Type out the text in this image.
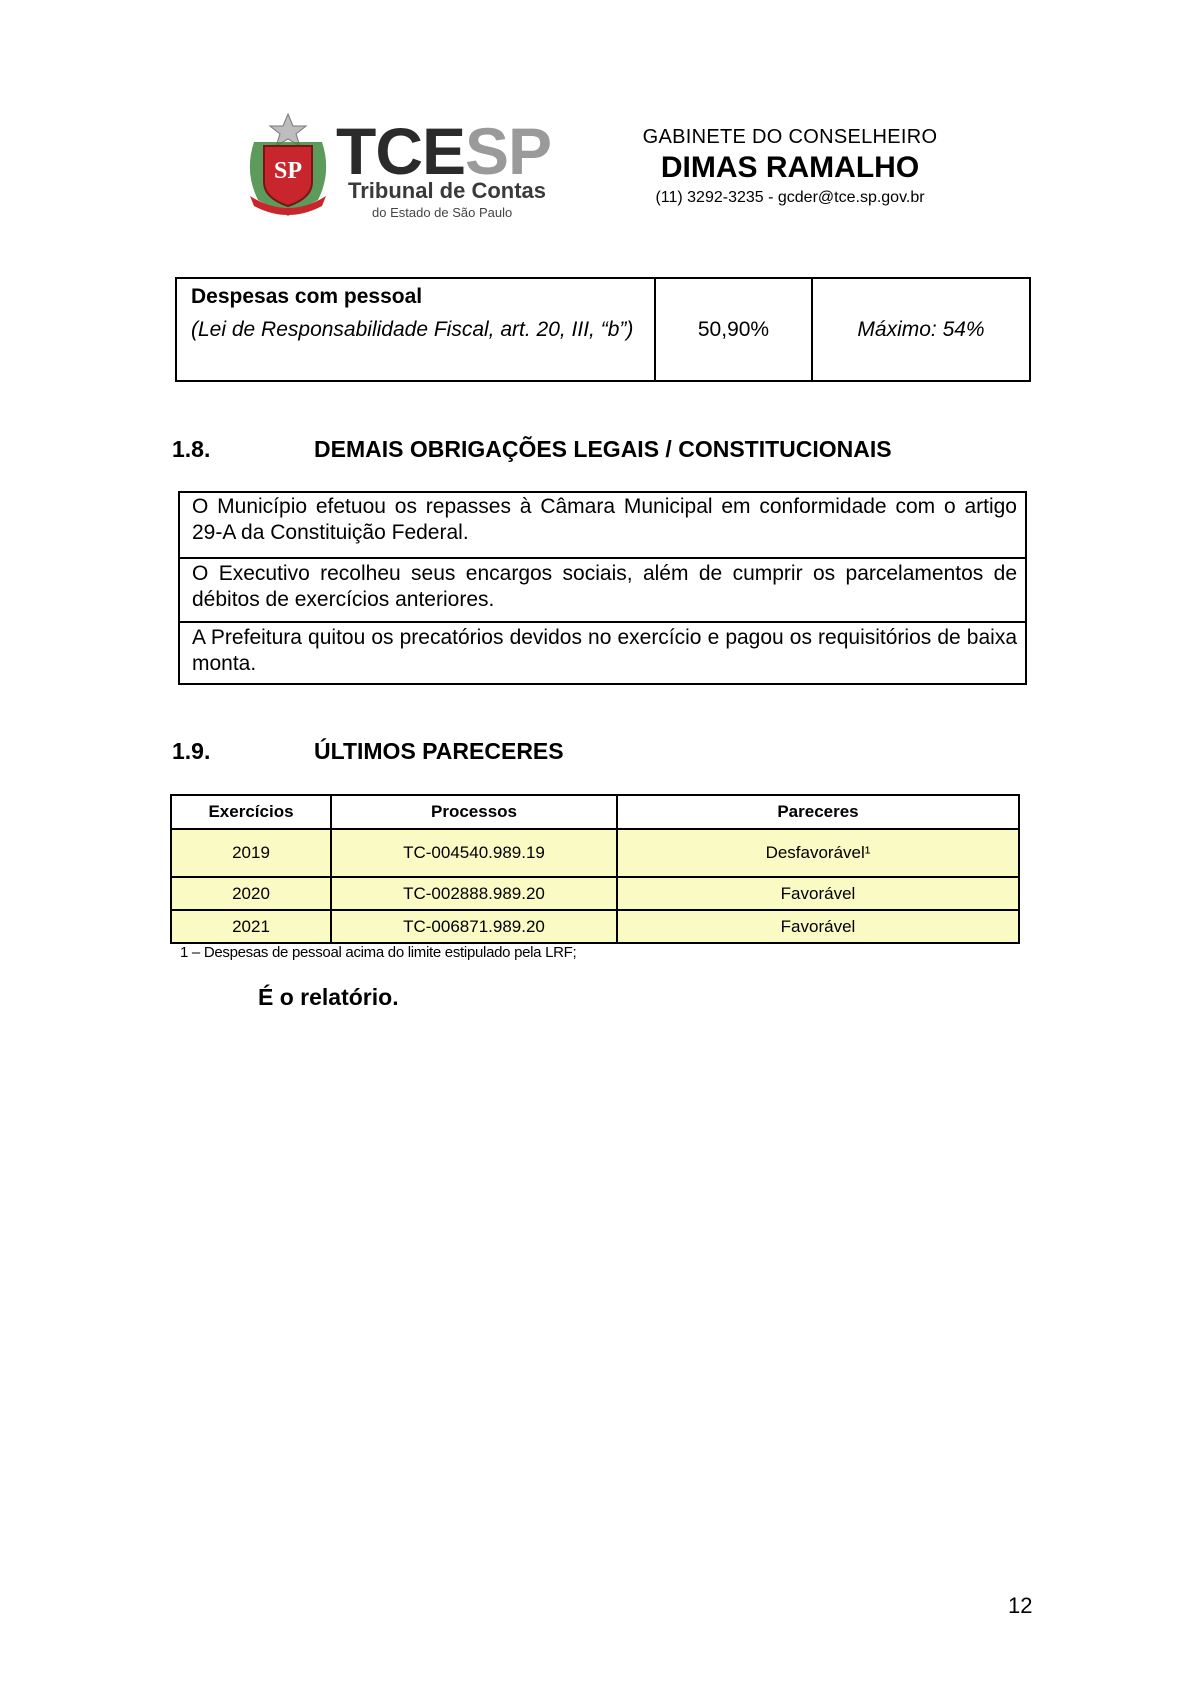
SP TCESP
Tribunal de Contas
do Estado de São Paulo
GABINETE DO CONSELHEIRO
DIMAS RAMALHO
(11) 3292-3235 - gcder@tce.sp.gov.br
Despesas com pessoal
(Lei de Responsabilidade Fiscal, art. 20, III, “b”)	50,90%	Máximo: 54%
1.8.	DEMAIS OBRIGAÇÕES LEGAIS / CONSTITUCIONAIS
O Município efetuou os repasses à Câmara Municipal em conformidade com o artigo 29-A da Constituição Federal.
O Executivo recolheu seus encargos sociais, além de cumprir os parcelamentos de débitos de exercícios anteriores.
A Prefeitura quitou os precatórios devidos no exercício e pagou os requisitórios de baixa monta.
1.9.	ÚLTIMOS PARECERES
Exercícios	Processos	Pareceres
2019	TC-004540.989.19	Desfavorável¹
2020	TC-002888.989.20	Favorável
2021	TC-006871.989.20	Favorável
1 – Despesas de pessoal acima do limite estipulado pela LRF;
É o relatório.
12
